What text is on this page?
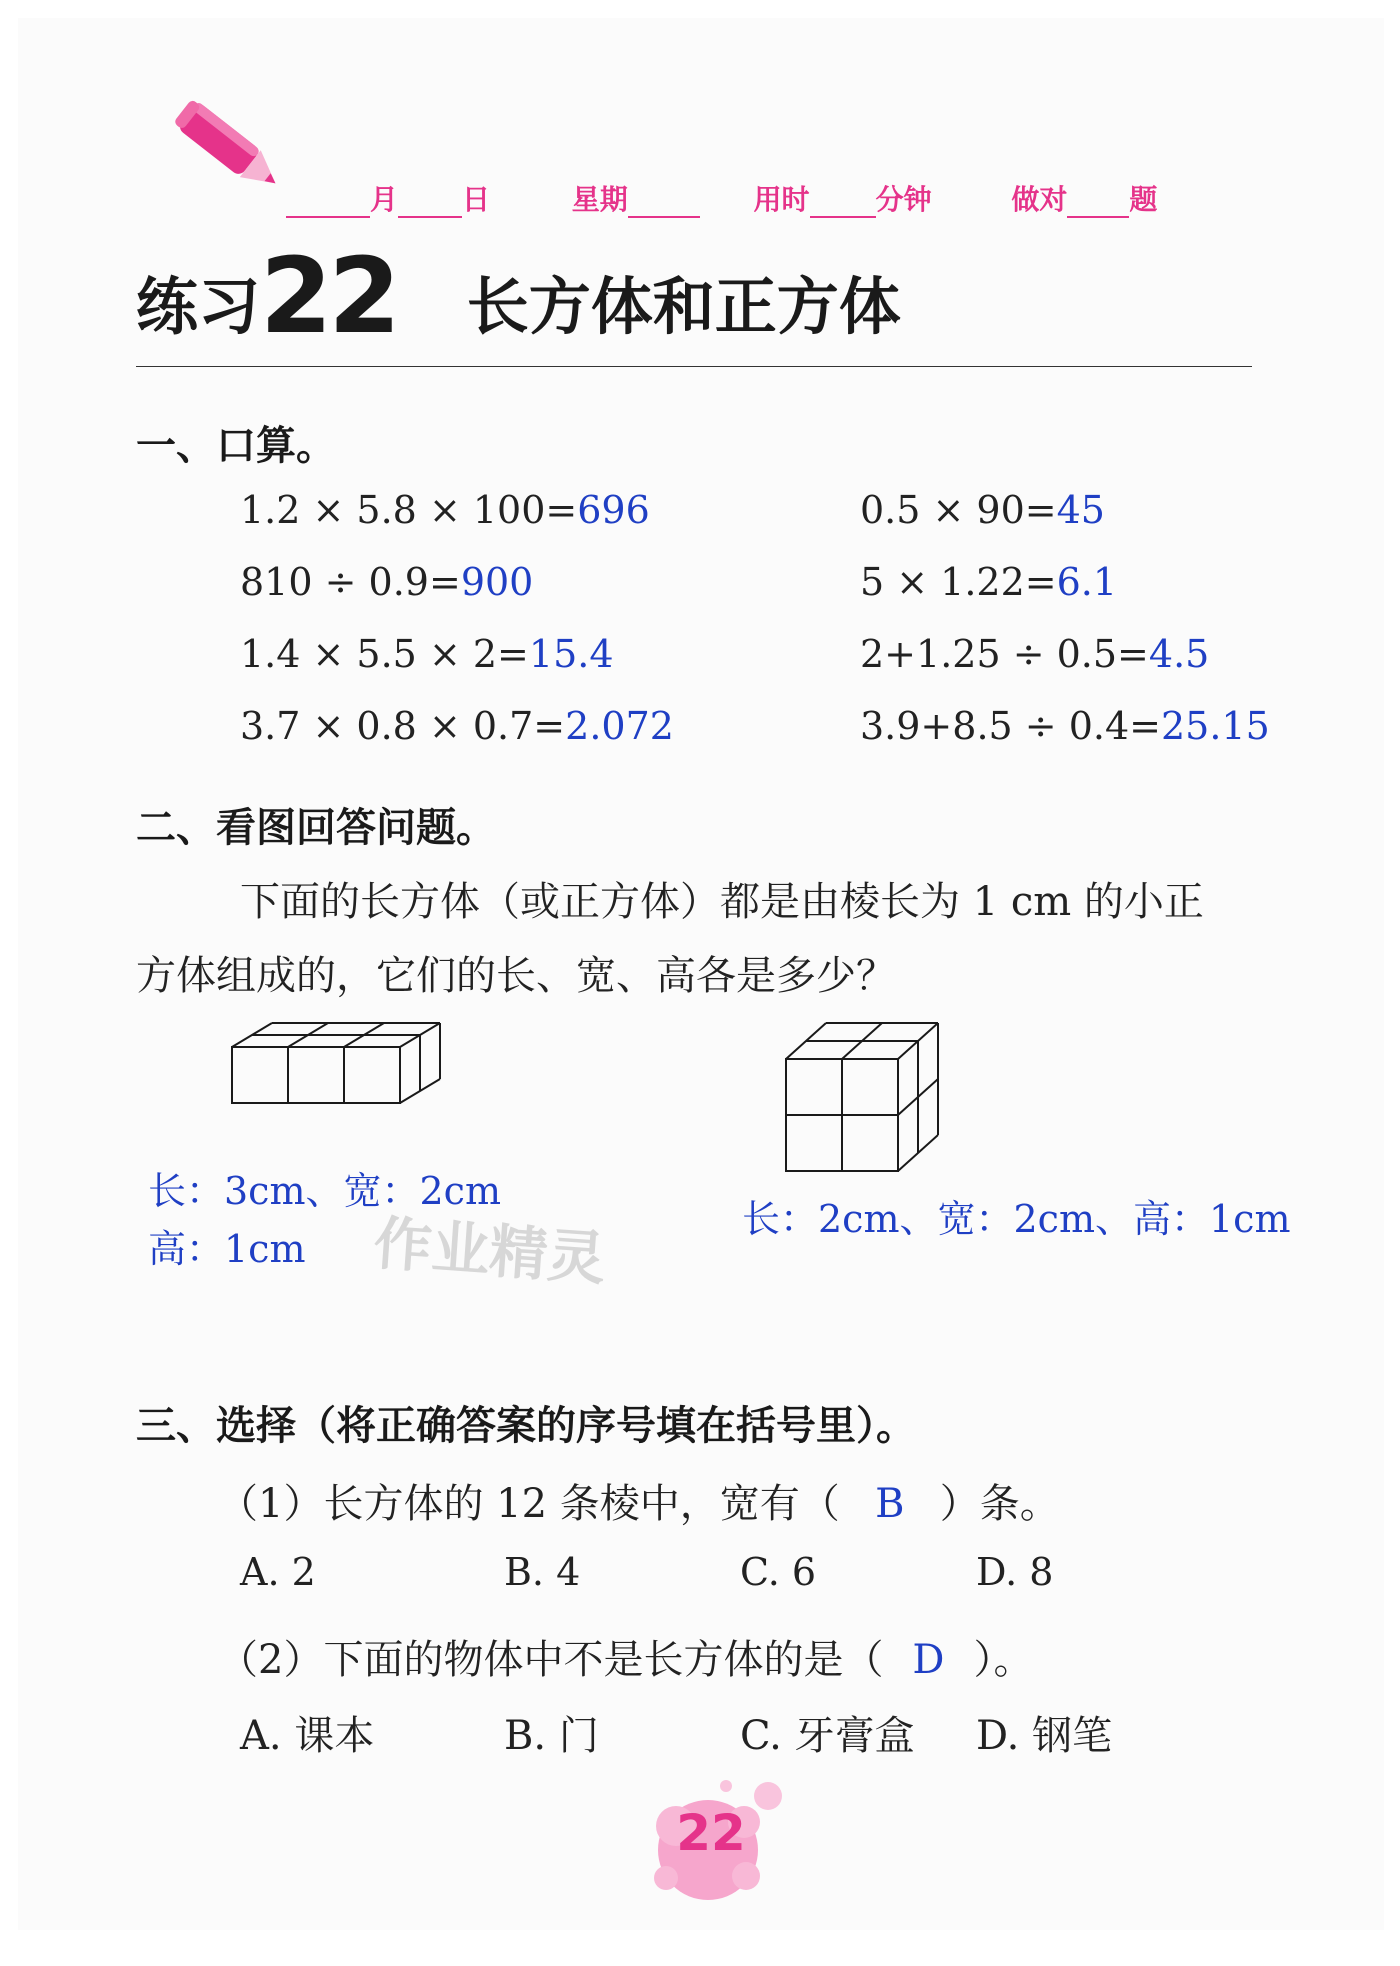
月 日	星期	用时 分钟	做对 题
练习22 长方体和正方体
一、口算。
1.2 × 5.8 × 100=696	0.5 × 90=45
810 ÷ 0.9=900	5 × 1.22=6.1
1.4 × 5.5 × 2=15.4	2+1.25 ÷ 0.5=4.5
3.7 × 0.8 × 0.7=2.072	3.9+8.5 ÷ 0.4=25.15
二、看图回答问题。
下面的长方体（或正方体）都是由棱长为 1 cm 的小正
方体组成的，它们的长、宽、高各是多少？
长：3cm、宽：2cm
高：1cm
长：2cm、宽：2cm、高：1cm
作业精灵
三、选择（将正确答案的序号填在括号里）。
（1）长方体的 12 条棱中，宽有（ B ）条。
A. 2	B. 4	C. 6	D. 8
（2）下面的物体中不是长方体的是（ D ）。
A. 课本	B. 门	C. 牙膏盒 D. 钢笔
22
